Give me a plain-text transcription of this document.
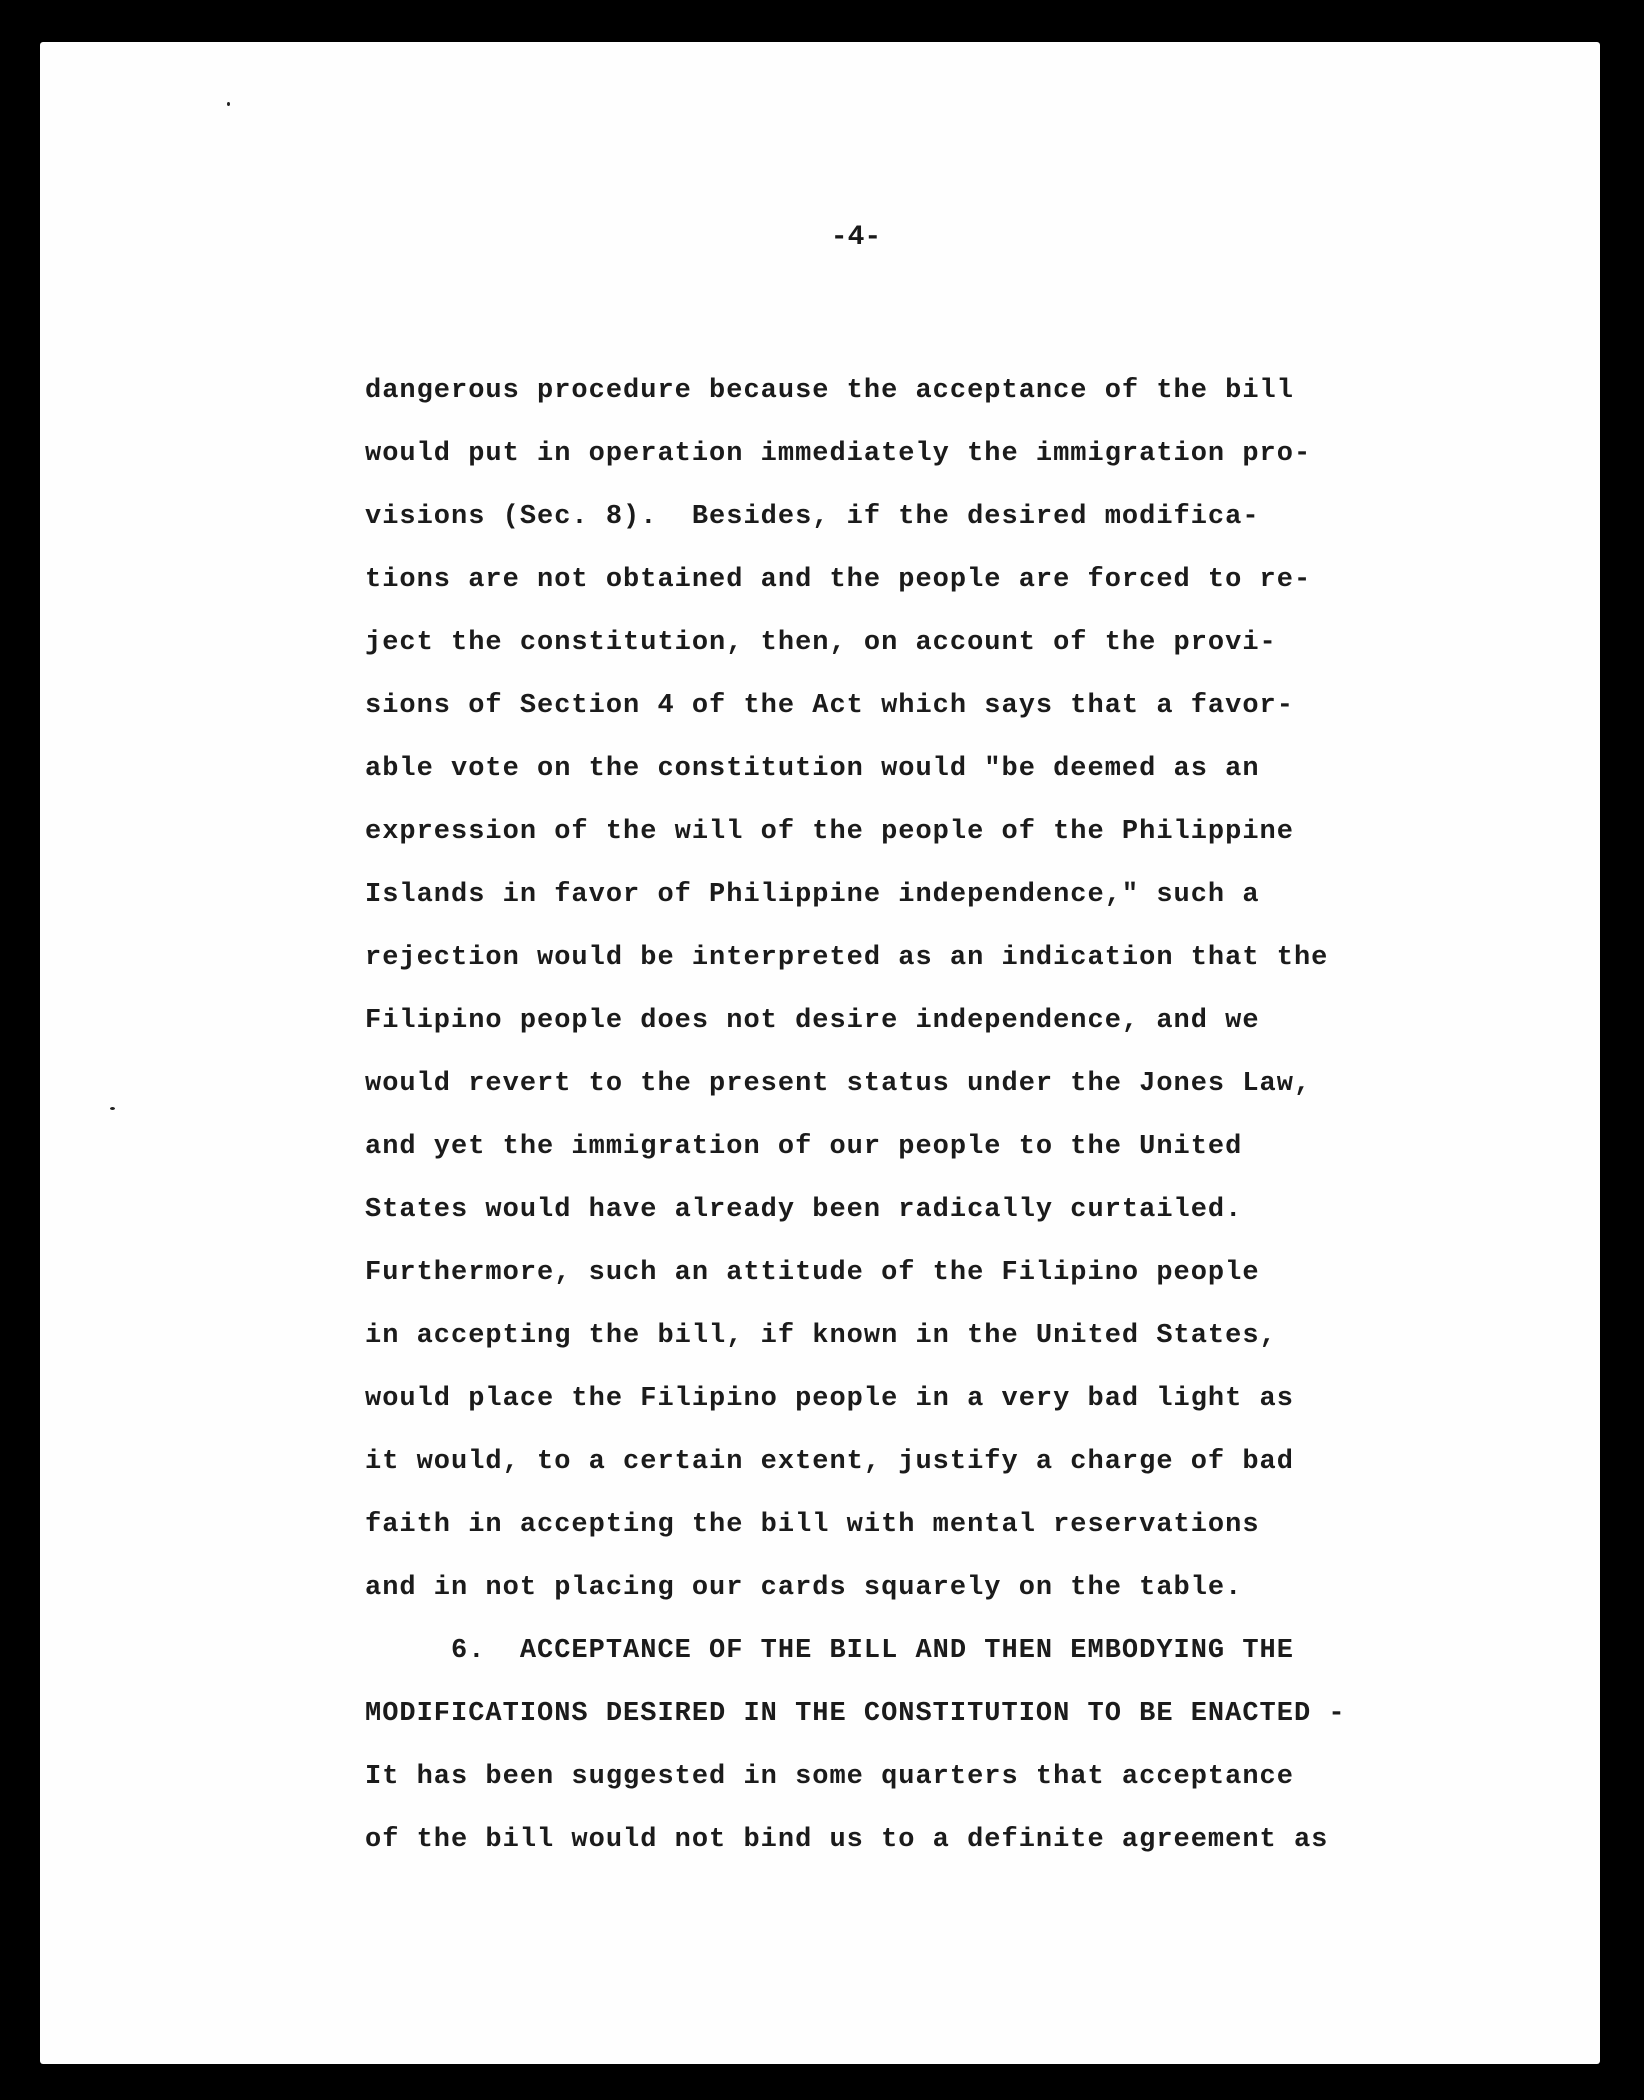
-4-
dangerous procedure because the acceptance of the bill
would put in operation immediately the immigration pro-
visions (Sec. 8).  Besides, if the desired modifica-
tions are not obtained and the people are forced to re-
ject the constitution, then, on account of the provi-
sions of Section 4 of the Act which says that a favor-
able vote on the constitution would "be deemed as an
expression of the will of the people of the Philippine
Islands in favor of Philippine independence," such a
rejection would be interpreted as an indication that the
Filipino people does not desire independence, and we
would revert to the present status under the Jones Law,
and yet the immigration of our people to the United
States would have already been radically curtailed.
Furthermore, such an attitude of the Filipino people
in accepting the bill, if known in the United States,
would place the Filipino people in a very bad light as
it would, to a certain extent, justify a charge of bad
faith in accepting the bill with mental reservations
and in not placing our cards squarely on the table.
6.  ACCEPTANCE OF THE BILL AND THEN EMBODYING THE
MODIFICATIONS DESIRED IN THE CONSTITUTION TO BE ENACTED -
It has been suggested in some quarters that acceptance
of the bill would not bind us to a definite agreement as
